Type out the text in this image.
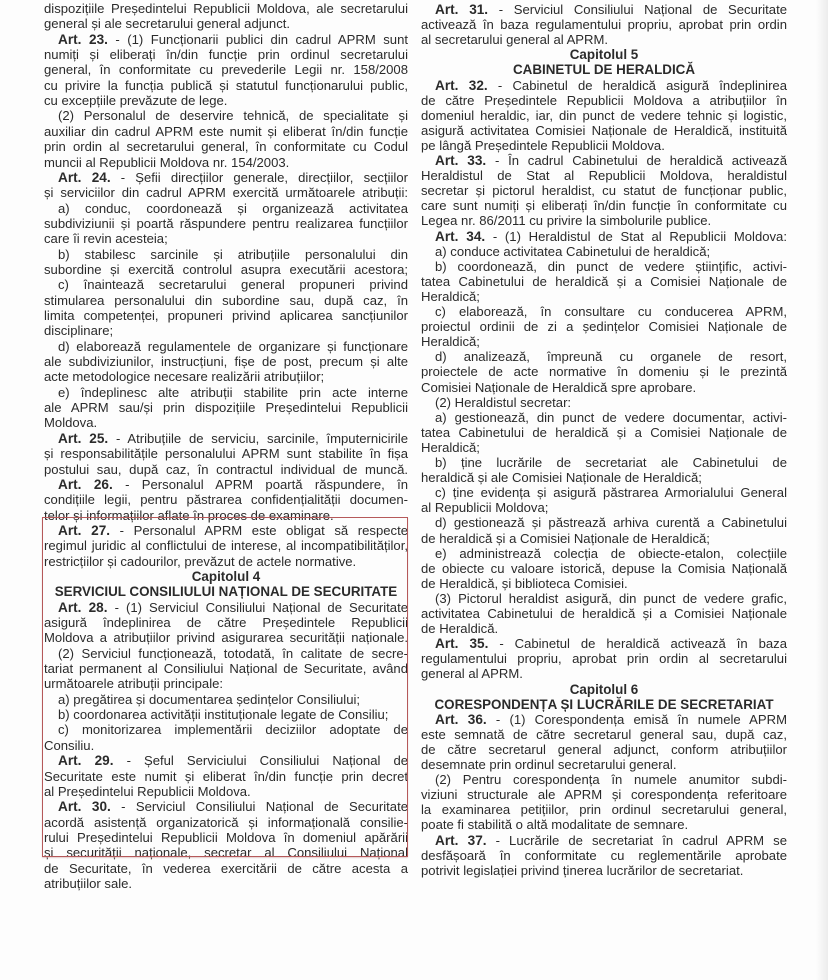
dispozițiile Președintelui Republicii Moldova, ale secretarului
general și ale secretarului general adjunct.
Art. 23. - (1) Funcționarii publici din cadrul APRM sunt
numiți și eliberați în/din funcție prin ordinul secretarului
general, în conformitate cu prevederile Legii nr. 158/2008
cu privire la funcția publică și statutul funcționarului public,
cu excepțiile prevăzute de lege.
(2) Personalul de deservire tehnică, de specialitate și
auxiliar din cadrul APRM este numit și eliberat în/din funcție
prin ordin al secretarului general, în conformitate cu Codul
muncii al Republicii Moldova nr. 154/2003.
Art. 24. - Șefii direcțiilor generale, direcțiilor, secțiilor
și serviciilor din cadrul APRM exercită următoarele atribuții:
a) conduc, coordonează și organizează activitatea
subdiviziunii și poartă răspundere pentru realizarea funcțiilor
care îi revin acesteia;
b) stabilesc sarcinile și atribuțiile personalului din
subordine și exercită controlul asupra executării acestora;
c) înaintează secretarului general propuneri privind
stimularea personalului din subordine sau, după caz, în
limita competenței, propuneri privind aplicarea sancțiunilor
disciplinare;
d) elaborează regulamentele de organizare și funcționare
ale subdiviziunilor, instrucțiuni, fișe de post, precum și alte
acte metodologice necesare realizării atribuțiilor;
e) îndeplinesc alte atribuții stabilite prin acte interne
ale APRM sau/și prin dispozițiile Președintelui Republicii
Moldova.
Art. 25. - Atribuțiile de serviciu, sarcinile, împuternicirile
și responsabilitățile personalului APRM sunt stabilite în fișa
postului sau, după caz, în contractul individual de muncă.
Art. 26. - Personalul APRM poartă răspundere, în
condițiile legii, pentru păstrarea confidențialității documen-
telor și informațiilor aflate în proces de examinare.
Art. 27. - Personalul APRM este obligat să respecte
regimul juridic al conflictului de interese, al incompatibilităților,
restricțiilor și cadourilor, prevăzut de actele normative.
Capitolul 4
SERVICIUL CONSILIULUI NAȚIONAL DE SECURITATE
Art. 28. - (1) Serviciul Consiliului Național de Securitate
asigură îndeplinirea de către Președintele Republicii
Moldova a atribuțiilor privind asigurarea securității naționale.
(2) Serviciul funcționează, totodată, în calitate de secre-
tariat permanent al Consiliului Național de Securitate, având
următoarele atribuții principale:
a) pregătirea și documentarea ședințelor Consiliului;
b) coordonarea activității instituționale legate de Consiliu;
c) monitorizarea implementării deciziilor adoptate de
Consiliu.
Art. 29. - Șeful Serviciului Consiliului Național de
Securitate este numit și eliberat în/din funcție prin decret
al Președintelui Republicii Moldova.
Art. 30. - Serviciul Consiliului Național de Securitate
acordă asistență organizatorică și informațională consilie-
rului Președintelui Republicii Moldova în domeniul apărării
și securității naționale, secretar al Consiliului Național
de Securitate, în vederea exercitării de către acesta a
atribuțiilor sale.
Art. 31. - Serviciul Consiliului Național de Securitate
activează în baza regulamentului propriu, aprobat prin ordin
al secretarului general al APRM.
Capitolul 5
CABINETUL DE HERALDICĂ
Art. 32. - Cabinetul de heraldică asigură îndeplinirea
de către Președintele Republicii Moldova a atribuțiilor în
domeniul heraldic, iar, din punct de vedere tehnic și logistic,
asigură activitatea Comisiei Naționale de Heraldică, instituită
pe lângă Președintele Republicii Moldova.
Art. 33. - În cadrul Cabinetului de heraldică activează
Heraldistul de Stat al Republicii Moldova, heraldistul
secretar și pictorul heraldist, cu statut de funcționar public,
care sunt numiți și eliberați în/din funcție în conformitate cu
Legea nr. 86/2011 cu privire la simbolurile publice.
Art. 34. - (1) Heraldistul de Stat al Republicii Moldova:
a) conduce activitatea Cabinetului de heraldică;
b) coordonează, din punct de vedere științific, activi-
tatea Cabinetului de heraldică și a Comisiei Naționale de
Heraldică;
c) elaborează, în consultare cu conducerea APRM,
proiectul ordinii de zi a ședințelor Comisiei Naționale de
Heraldică;
d) analizează, împreună cu organele de resort,
proiectele de acte normative în domeniu și le prezintă
Comisiei Naționale de Heraldică spre aprobare.
(2) Heraldistul secretar:
a) gestionează, din punct de vedere documentar, activi-
tatea Cabinetului de heraldică și a Comisiei Naționale de
Heraldică;
b) ține lucrările de secretariat ale Cabinetului de
heraldică și ale Comisiei Naționale de Heraldică;
c) ține evidența și asigură păstrarea Armorialului General
al Republicii Moldova;
d) gestionează și păstrează arhiva curentă a Cabinetului
de heraldică și a Comisiei Naționale de Heraldică;
e) administrează colecția de obiecte-etalon, colecțiile
de obiecte cu valoare istorică, depuse la Comisia Națională
de Heraldică, și biblioteca Comisiei.
(3) Pictorul heraldist asigură, din punct de vedere grafic,
activitatea Cabinetului de heraldică și a Comisiei Naționale
de Heraldică.
Art. 35. - Cabinetul de heraldică activează în baza
regulamentului propriu, aprobat prin ordin al secretarului
general al APRM.
Capitolul 6
CORESPONDENȚA ȘI LUCRĂRILE DE SECRETARIAT
Art. 36. - (1) Corespondența emisă în numele APRM
este semnată de către secretarul general sau, după caz,
de către secretarul general adjunct, conform atribuțiilor
desemnate prin ordinul secretarului general.
(2) Pentru corespondența în numele anumitor subdi-
viziuni structurale ale APRM și corespondența referitoare
la examinarea petițiilor, prin ordinul secretarului general,
poate fi stabilită o altă modalitate de semnare.
Art. 37. - Lucrările de secretariat în cadrul APRM se
desfășoară în conformitate cu reglementările aprobate
potrivit legislației privind ținerea lucrărilor de secretariat.
